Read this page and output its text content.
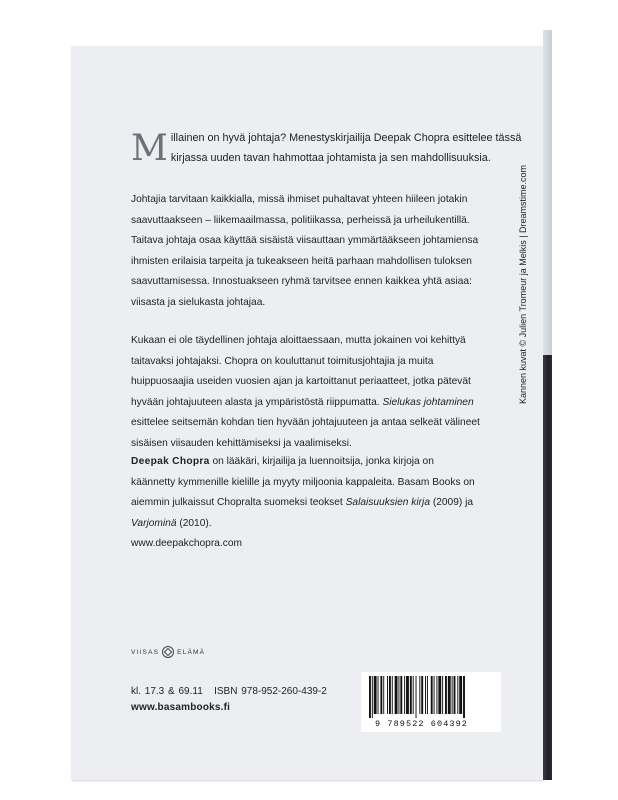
Millainen on hyvä johtaja? Menestyskirjailija Deepak Chopra esittelee tässä kirjassa uuden tavan hahmottaa johtamista ja sen mahdollisuuksia.

Johtajia tarvitaan kaikkialla, missä ihmiset puhaltavat yhteen hiileen jotakin saavuttaakseen – liikemaailmassa, politiikassa, perheissä ja urheilukentillä. Taitava johtaja osaa käyttää sisäistä viisauttaan ymmärtääkseen johtamiensa ihmisten erilaisia tarpeita ja tukeakseen heitä parhaan mahdollisen tuloksen saavuttamisessa. Innostuakseen ryhmä tarvitsee ennen kaikkea yhtä asiaa: viisasta ja sielukasta johtajaa.

Kukaan ei ole täydellinen johtaja aloittaessaan, mutta jokainen voi kehittyä taitavaksi johtajaksi. Chopra on kouluttanut toimitusjohtajia ja muita huippuosaajia useiden vuosien ajan ja kartoittanut periaatteet, jotka pätevät hyvään johtajuuteen alasta ja ympäristöstä riippumatta. Sielukas johtaminen esittelee seitsemän kohdan tien hyvään johtajuuteen ja antaa selkeät välineet sisäisen viisauden kehittämiseksi ja vaalimiseksi.

Deepak Chopra on lääkäri, kirjailija ja luennoitsija, jonka kirjoja on käännetty kymmenille kielille ja myyty miljoonia kappaleita. Basam Books on aiemmin julkaissut Chopralta suomeksi teokset Salaisuuksien kirja (2009) ja Varjominä (2010).
www.deepakchopra.com

Kannen kuvat © Julien Tromeur ja Melkis | Dreamstime.com
VIISAS	ELÄMÄ
kl. 17.3 & 69.11 ISBN 978-952-260-439-2
www.basambooks.fi
9 789522 604392
